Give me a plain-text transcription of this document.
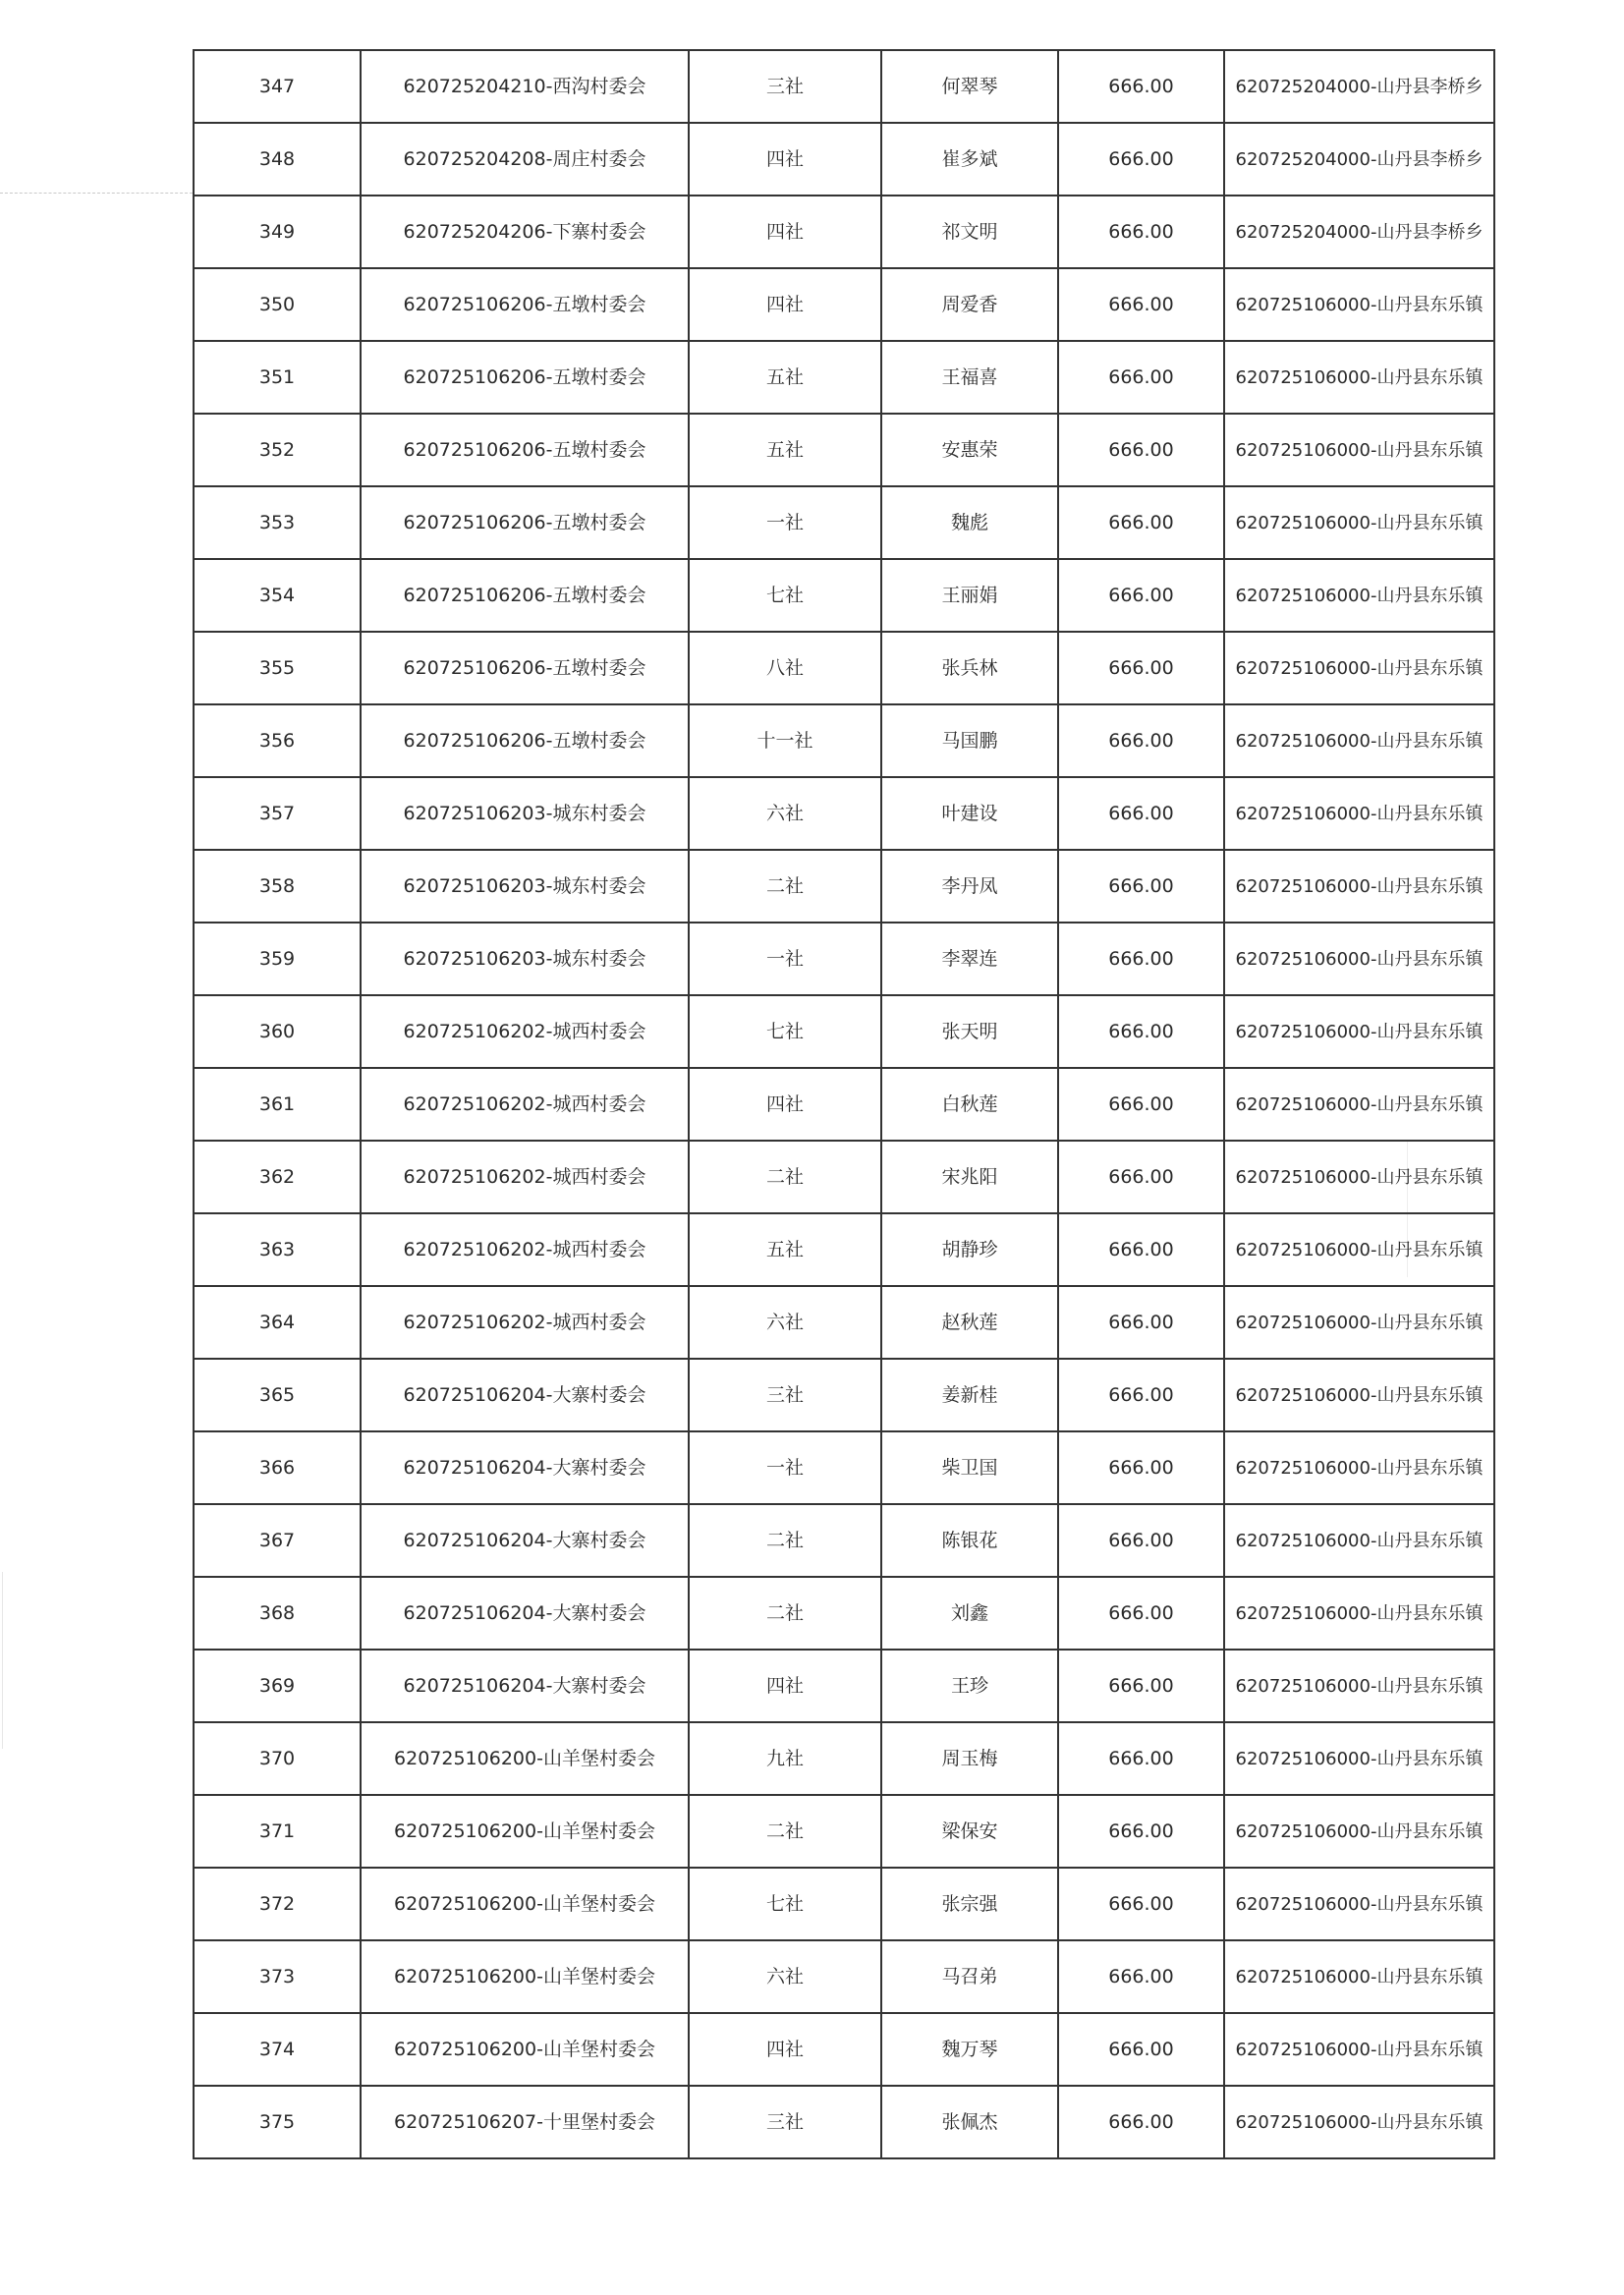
347	620725204210-西沟村委会	三社	何翠琴	666.00	620725204000-山丹县李桥乡
348	620725204208-周庄村委会	四社	崔多斌	666.00	620725204000-山丹县李桥乡
349	620725204206-下寨村委会	四社	祁文明	666.00	620725204000-山丹县李桥乡
350	620725106206-五墩村委会	四社	周爱香	666.00	620725106000-山丹县东乐镇
351	620725106206-五墩村委会	五社	王福喜	666.00	620725106000-山丹县东乐镇
352	620725106206-五墩村委会	五社	安惠荣	666.00	620725106000-山丹县东乐镇
353	620725106206-五墩村委会	一社	魏彪	666.00	620725106000-山丹县东乐镇
354	620725106206-五墩村委会	七社	王丽娟	666.00	620725106000-山丹县东乐镇
355	620725106206-五墩村委会	八社	张兵林	666.00	620725106000-山丹县东乐镇
356	620725106206-五墩村委会	十一社	马国鹏	666.00	620725106000-山丹县东乐镇
357	620725106203-城东村委会	六社	叶建设	666.00	620725106000-山丹县东乐镇
358	620725106203-城东村委会	二社	李丹凤	666.00	620725106000-山丹县东乐镇
359	620725106203-城东村委会	一社	李翠连	666.00	620725106000-山丹县东乐镇
360	620725106202-城西村委会	七社	张天明	666.00	620725106000-山丹县东乐镇
361	620725106202-城西村委会	四社	白秋莲	666.00	620725106000-山丹县东乐镇
362	620725106202-城西村委会	二社	宋兆阳	666.00	620725106000-山丹县东乐镇
363	620725106202-城西村委会	五社	胡静珍	666.00	620725106000-山丹县东乐镇
364	620725106202-城西村委会	六社	赵秋莲	666.00	620725106000-山丹县东乐镇
365	620725106204-大寨村委会	三社	姜新桂	666.00	620725106000-山丹县东乐镇
366	620725106204-大寨村委会	一社	柴卫国	666.00	620725106000-山丹县东乐镇
367	620725106204-大寨村委会	二社	陈银花	666.00	620725106000-山丹县东乐镇
368	620725106204-大寨村委会	二社	刘鑫	666.00	620725106000-山丹县东乐镇
369	620725106204-大寨村委会	四社	王珍	666.00	620725106000-山丹县东乐镇
370	620725106200-山羊堡村委会	九社	周玉梅	666.00	620725106000-山丹县东乐镇
371	620725106200-山羊堡村委会	二社	梁保安	666.00	620725106000-山丹县东乐镇
372	620725106200-山羊堡村委会	七社	张宗强	666.00	620725106000-山丹县东乐镇
373	620725106200-山羊堡村委会	六社	马召弟	666.00	620725106000-山丹县东乐镇
374	620725106200-山羊堡村委会	四社	魏万琴	666.00	620725106000-山丹县东乐镇
375	620725106207-十里堡村委会	三社	张佩杰	666.00	620725106000-山丹县东乐镇
